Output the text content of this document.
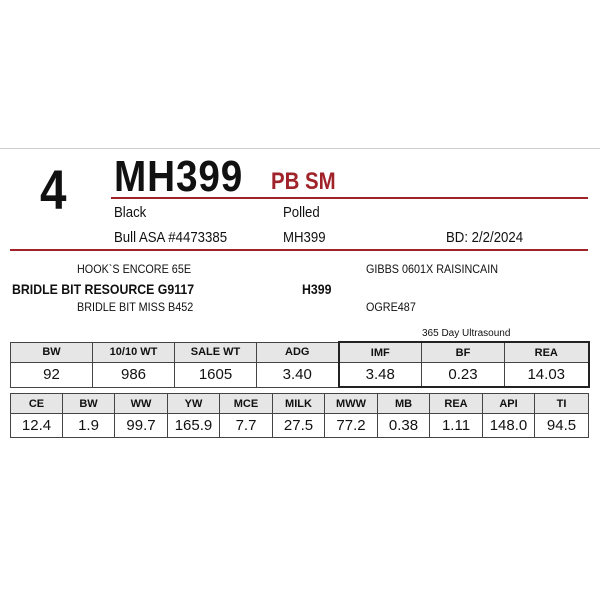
4 MH399 PB SM
Black	Polled
Bull ASA #4473385	MH399	BD: 2/2/2024
HOOK`S ENCORE 65E
BRIDLE BIT RESOURCE G9117
BRIDLE BIT MISS B452
GIBBS 0601X RAISINCAIN
H399
OGRE487
365 Day Ultrasound
BW	10/10 WT	SALE WT	ADG	IMF	BF	REA
92	986	1605	3.40	3.48	0.23	14.03
CE	BW	WW	YW	MCE	MILK	MWW	MB	REA	API	TI
12.4	1.9	99.7	165.9	7.7	27.5	77.2	0.38	1.11	148.0	94.5
